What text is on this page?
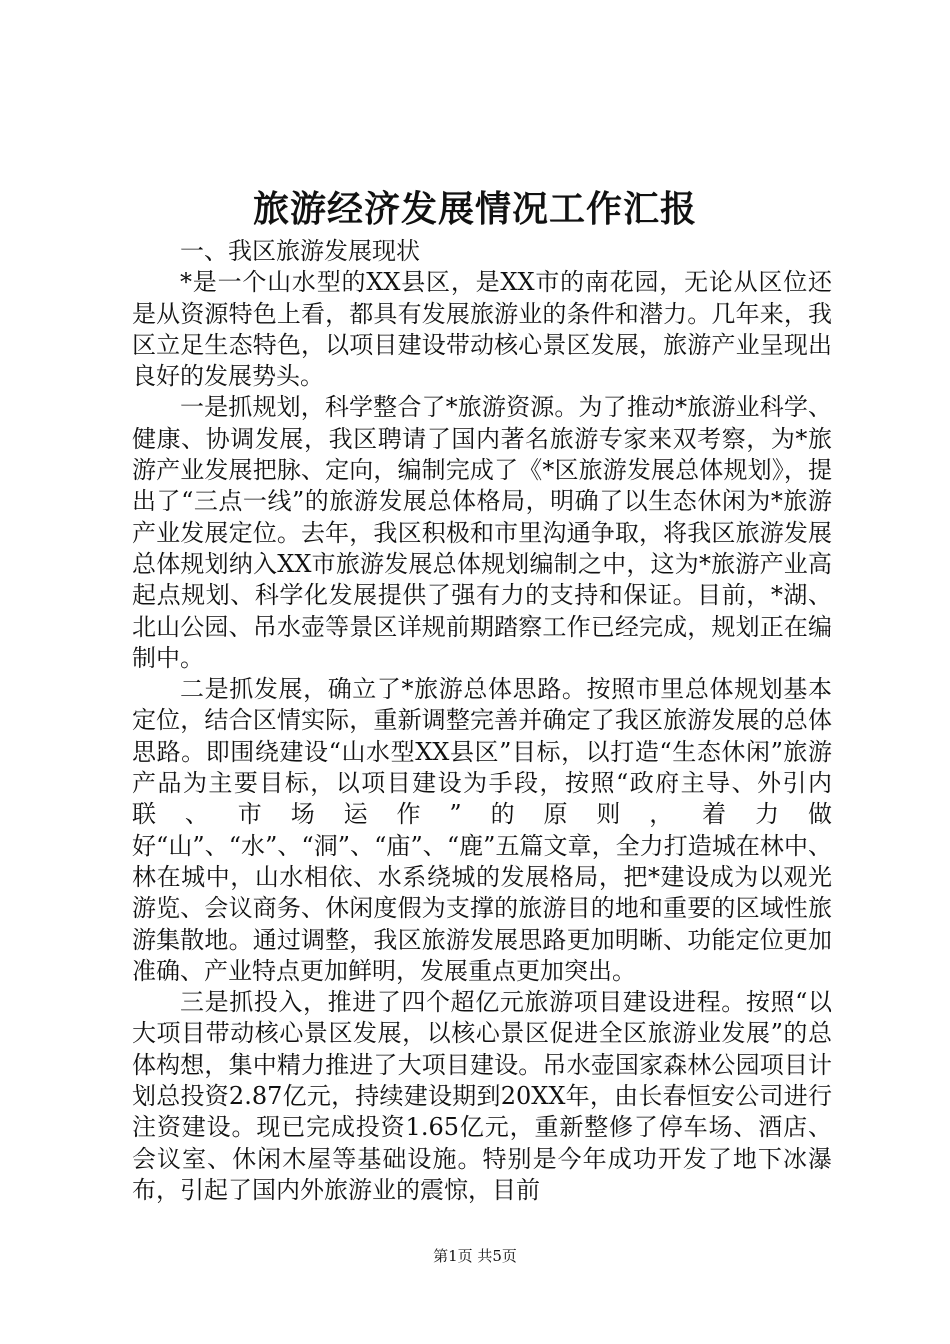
旅游经济发展情况工作汇报

一、我区旅游发展现状

*是一个山水型的XX县区，是XX市的南花园，无论从区位还是从资源特色上看，都具有发展旅游业的条件和潜力。几年来，我区立足生态特色，以项目建设带动核心景区发展，旅游产业呈现出良好的发展势头。

一是抓规划，科学整合了*旅游资源。为了推动*旅游业科学、健康、协调发展，我区聘请了国内著名旅游专家来双考察，为*旅游产业发展把脉、定向，编制完成了《*区旅游发展总体规划》，提出了“三点一线”的旅游发展总体格局，明确了以生态休闲为*旅游产业发展定位。去年，我区积极和市里沟通争取，将我区旅游发展总体规划纳入XX市旅游发展总体规划编制之中，这为*旅游产业高起点规划、科学化发展提供了强有力的支持和保证。目前，*湖、北山公园、吊水壶等景区详规前期踏察工作已经完成，规划正在编制中。

二是抓发展，确立了*旅游总体思路。按照市里总体规划基本定位，结合区情实际，重新调整完善并确定了我区旅游发展的总体思路。即围绕建设“山水型XX县区”目标，以打造“生态休闲”旅游产品为主要目标，以项目建设为手段，按照“政府主导、外引内联、市场运作”的原则，着力做好“山”、“水”、“洞”、“庙”、“鹿”五篇文章，全力打造城在林中、林在城中，山水相依、水系绕城的发展格局，把*建设成为以观光游览、会议商务、休闲度假为支撑的旅游目的地和重要的区域性旅游集散地。通过调整，我区旅游发展思路更加明晰、功能定位更加准确、产业特点更加鲜明，发展重点更加突出。

三是抓投入，推进了四个超亿元旅游项目建设进程。按照“以大项目带动核心景区发展，以核心景区促进全区旅游业发展”的总体构想，集中精力推进了大项目建设。吊水壶国家森林公园项目计划总投资2.87亿元，持续建设期到20XX年，由长春恒安公司进行注资建设。现已完成投资1.65亿元，重新整修了停车场、酒店、会议室、休闲木屋等基础设施。特别是今年成功开发了地下冰瀑布，引起了国内外旅游业的震惊，目前

第1页 共5页
